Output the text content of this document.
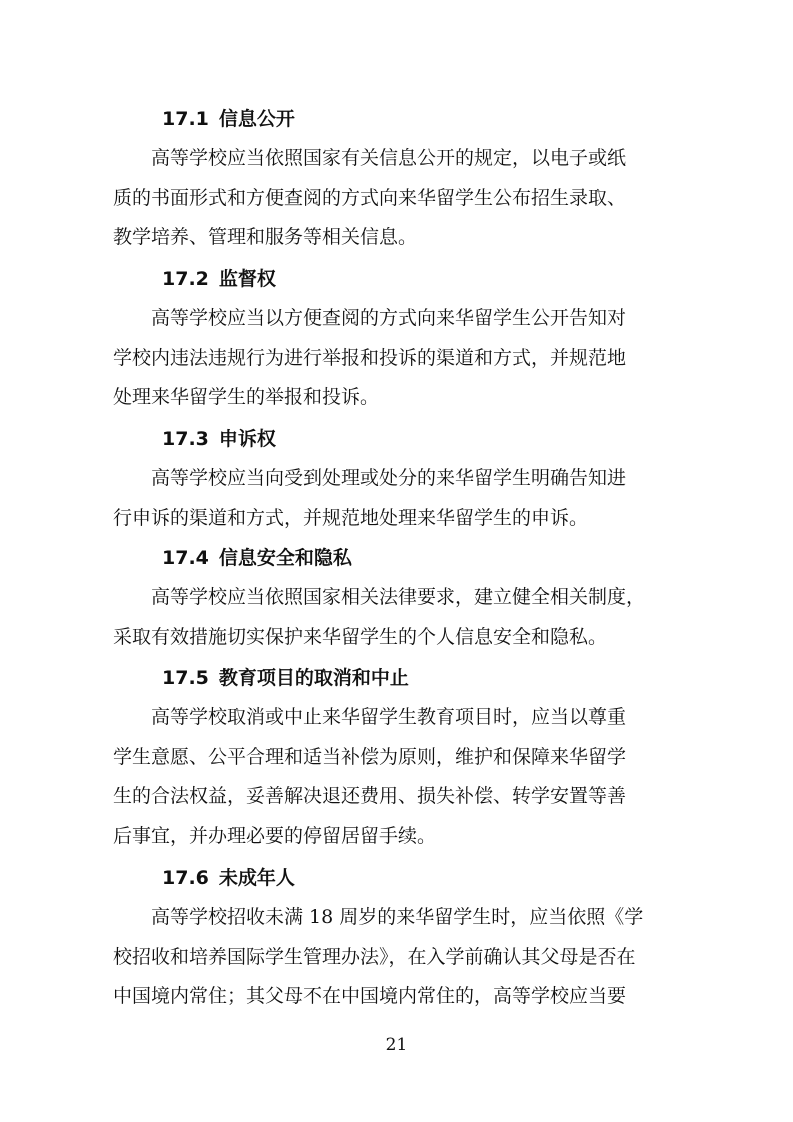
17.1 信息公开

　　高等学校应当依照国家有关信息公开的规定，以电子或纸

质的书面形式和方便查阅的方式向来华留学生公布招生录取、

教学培养、管理和服务等相关信息。

17.2 监督权

　　高等学校应当以方便查阅的方式向来华留学生公开告知对

学校内违法违规行为进行举报和投诉的渠道和方式，并规范地

处理来华留学生的举报和投诉。

17.3 申诉权

　　高等学校应当向受到处理或处分的来华留学生明确告知进

行申诉的渠道和方式，并规范地处理来华留学生的申诉。

17.4 信息安全和隐私

　　高等学校应当依照国家相关法律要求，建立健全相关制度，

采取有效措施切实保护来华留学生的个人信息安全和隐私。

17.5 教育项目的取消和中止

　　高等学校取消或中止来华留学生教育项目时，应当以尊重

学生意愿、公平合理和适当补偿为原则，维护和保障来华留学

生的合法权益，妥善解决退还费用、损失补偿、转学安置等善

后事宜，并办理必要的停留居留手续。

17.6 未成年人

　　高等学校招收未满 18 周岁的来华留学生时，应当依照《学

校招收和培养国际学生管理办法》，在入学前确认其父母是否在

中国境内常住；其父母不在中国境内常住的，高等学校应当要

21
